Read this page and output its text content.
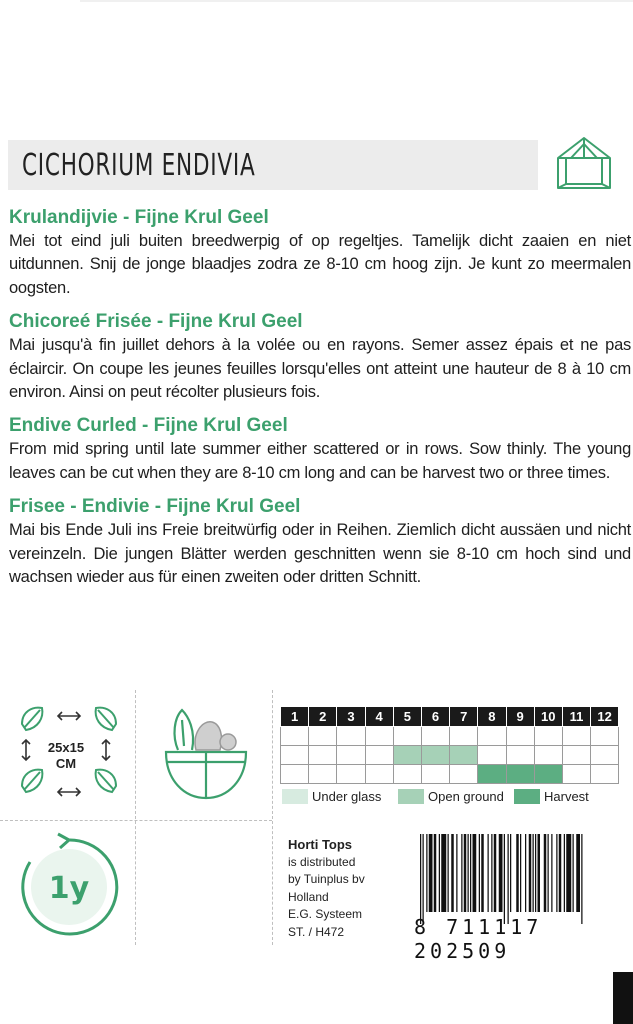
CICHORIUM ENDIVIA
Krulandijvie - Fijne Krul Geel

Mei tot eind juli buiten breedwerpig of op regeltjes. Tamelijk dicht zaaien en niet uitdunnen. Snij de jonge blaadjes zodra ze 8-10 cm hoog zijn. Je kunt zo meermalen oogsten.

Chicoreé Frisée - Fijne Krul Geel

Mai jusqu'à fin juillet dehors à la volée ou en rayons. Semer assez épais et ne pas éclaircir. On coupe les jeunes feuilles lorsqu'elles ont atteint une hauteur de 8 à 10 cm environ. Ainsi on peut récolter plusieurs fois.

Endive Curled - Fijne Krul Geel

From mid spring until late summer either scattered or in rows. Sow thinly. The young leaves can be cut when they are 8-10 cm long and can be harvest two or three times.

Frisee - Endivie - Fijne Krul Geel

Mai bis Ende Juli ins Freie breitwürfig oder in Reihen. Ziemlich dicht aussäen und nicht vereinzeln. Die jungen Blätter werden geschnitten wenn sie 8-10 cm hoch sind und wachsen wieder aus für einen zweiten oder dritten Schnitt.

25x15
CM
1y
1	2	3	4	5	6	7	8	9	10	11	12

Under glass	Open ground	Harvest
Horti Tops
is distributed
by Tuinplus bv
Holland
E.G. Systeem
ST. / H472	8 711117 202509
